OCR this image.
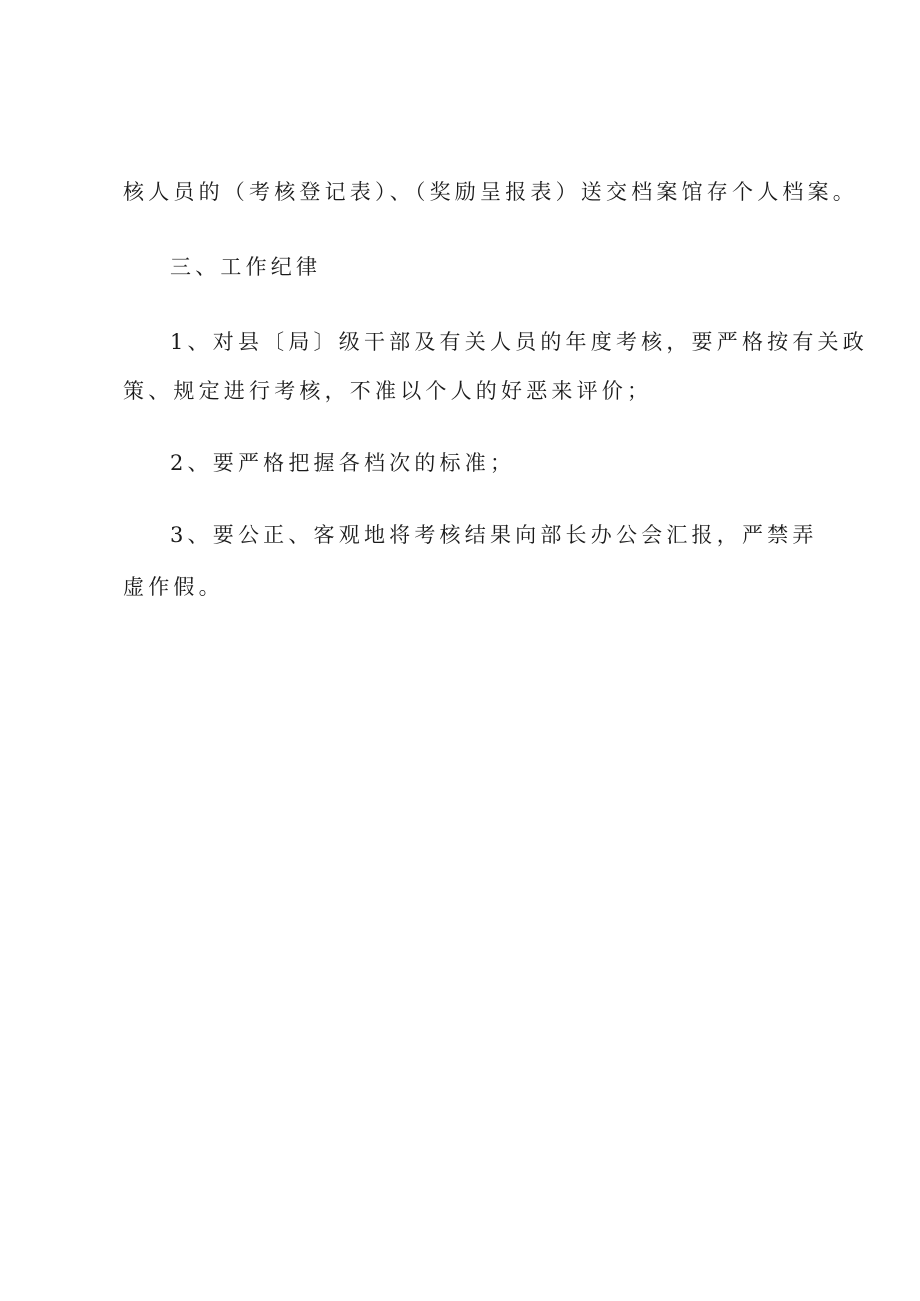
核人员的（考核登记表）、（奖励呈报表）送交档案馆存个人档案。
三、工作纪律
1、对县〔局〕级干部及有关人员的年度考核，要严格按有关政
策、规定进行考核，不准以个人的好恶来评价；
2、要严格把握各档次的标准；
3、要公正、客观地将考核结果向部长办公会汇报，严禁弄
虚作假。
